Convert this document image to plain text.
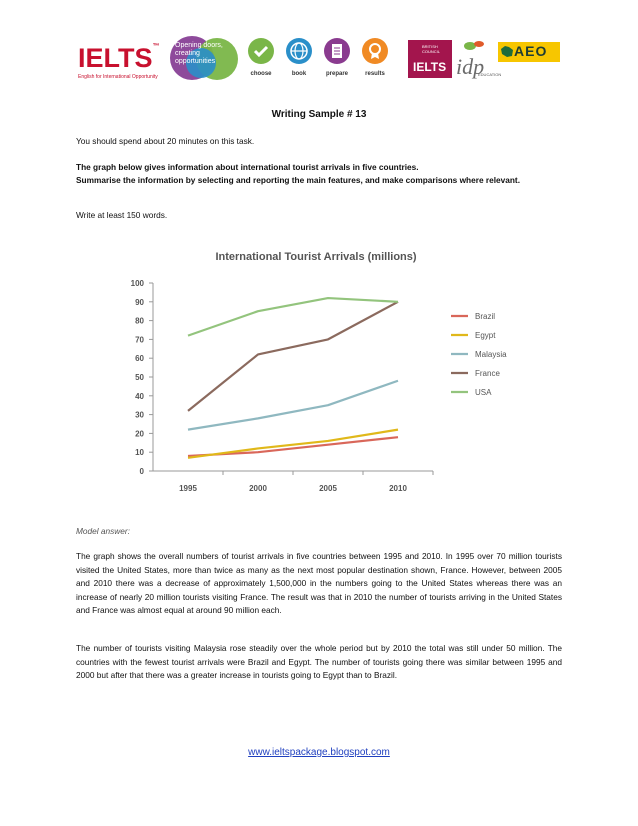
IELTS™
English for International Opportunity
Opening doors, creating opportunities
choose	book	prepare	results
BRITISH COUNCIL
IELTS idp
EDUCATION
AEO
Writing Sample # 13
You should spend about 20 minutes on this task.
The graph below gives information about international tourist arrivals in five countries.
Summarise the information by selecting and reporting the main features, and make comparisons where relevant.
Write at least 150 words.
International Tourist Arrivals (millions)
0
10
20
30
40
50
60
70
80
90
100
1995	2000	2005	2010
Brazil
Egypt
Malaysia
France
USA
Model answer:
The graph shows the overall numbers of tourist arrivals in five countries between 1995 and 2010. In 1995 over 70 million tourists visited the United States, more than twice as many as the next most popular destination shown, France. However, between 2005 and 2010 there was a decrease of approximately 1,500,000 in the numbers going to the United States whereas there was an increase of nearly 20 million tourists visiting France. The result was that in 2010 the number of tourists arriving in the United States and France was almost equal at around 90 million each.
The number of tourists visiting Malaysia rose steadily over the whole period but by 2010 the total was still under 50 million. The countries with the fewest tourist arrivals were Brazil and Egypt. The number of tourists going there was similar between 1995 and 2000 but after that there was a greater increase in tourists going to Egypt than to Brazil.
www.ieltspackage.blogspot.com
